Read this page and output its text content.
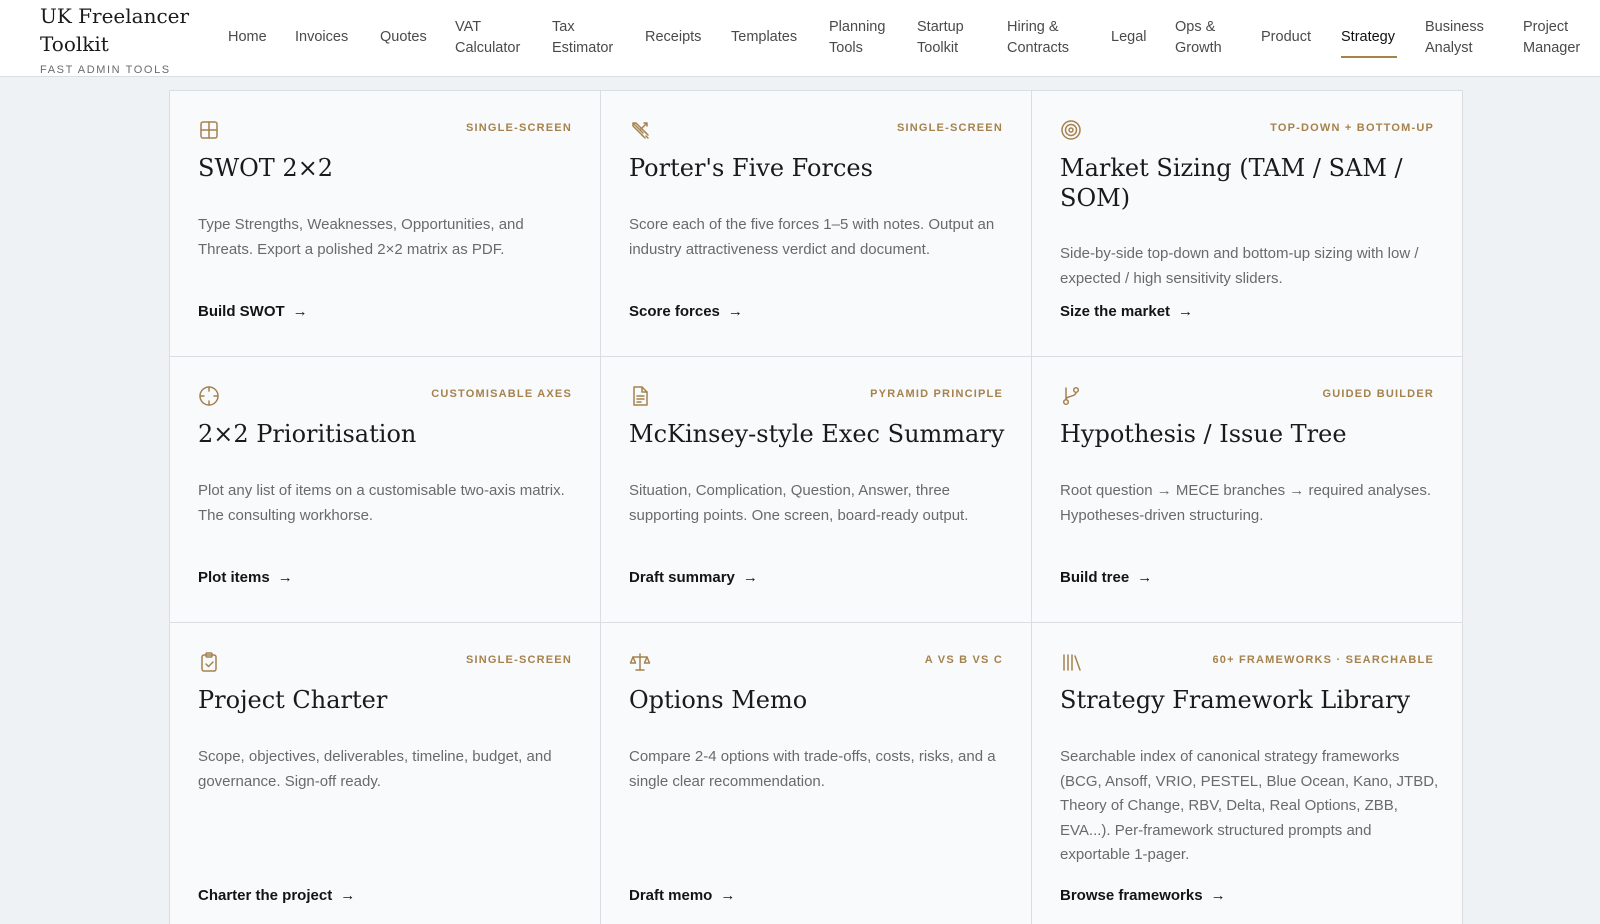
UK Freelancer Toolkit
FAST ADMIN TOOLS
Home Invoices Quotes
VAT
Calculator
Tax
Estimator
Receipts Templates
Planning
Tools
Startup
Toolkit
Hiring &
Contracts
Legal
Ops &
Growth
Product Strategy
Business
Analyst
Project
Manager
SINGLE-SCREEN
SWOT 2×2
Type Strengths, Weaknesses, Opportunities, and Threats. Export a polished 2×2 matrix as PDF.
Build SWOT →
SINGLE-SCREEN
Porter's Five Forces
Score each of the five forces 1–5 with notes. Output an industry attractiveness verdict and document.
Score forces →
TOP-DOWN + BOTTOM-UP
Market Sizing (TAM / SAM / SOM)
Side-by-side top-down and bottom-up sizing with low / expected / high sensitivity sliders.
Size the market →
CUSTOMISABLE AXES
2×2 Prioritisation
Plot any list of items on a customisable two-axis matrix. The consulting workhorse.
Plot items →
PYRAMID PRINCIPLE
McKinsey-style Exec Summary
Situation, Complication, Question, Answer, three supporting points. One screen, board-ready output.
Draft summary →
GUIDED BUILDER
Hypothesis / Issue Tree
Root question → MECE branches → required analyses. Hypotheses-driven structuring.
Build tree →
SINGLE-SCREEN
Project Charter
Scope, objectives, deliverables, timeline, budget, and governance. Sign-off ready.
Charter the project →
A VS B VS C
Options Memo
Compare 2-4 options with trade-offs, costs, risks, and a single clear recommendation.
Draft memo →
60+ FRAMEWORKS · SEARCHABLE
Strategy Framework Library
Searchable index of canonical strategy frameworks (BCG, Ansoff, VRIO, PESTEL, Blue Ocean, Kano, JTBD, Theory of Change, RBV, Delta, Real Options, ZBB, EVA...). Per-framework structured prompts and exportable 1-pager.
Browse frameworks →
